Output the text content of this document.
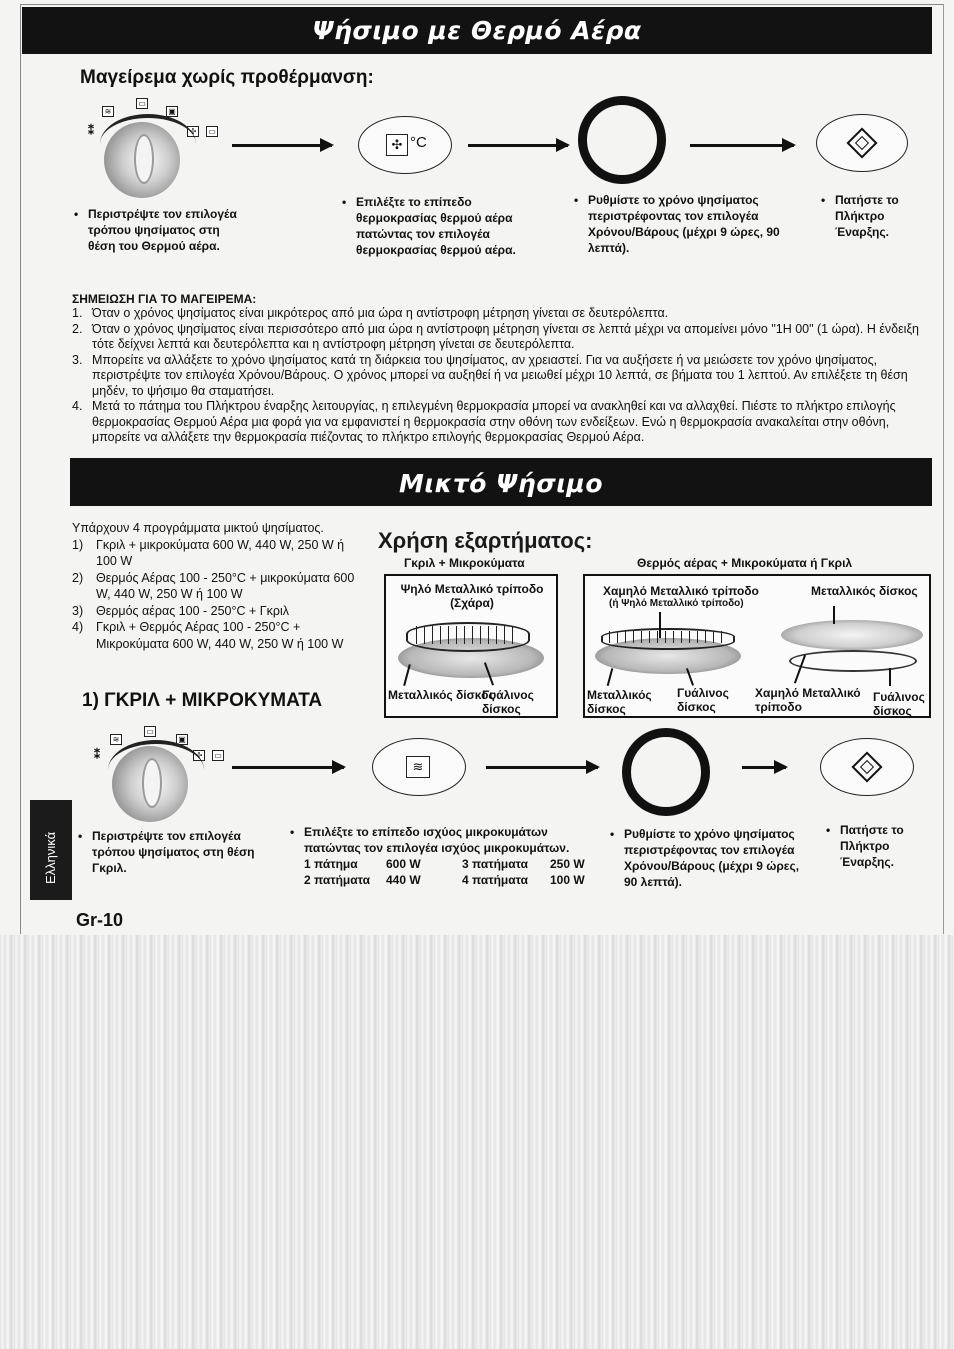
Ψήσιμο με Θερμό Αέρα
Μαγείρεμα χωρίς προθέρμανση:
≋
▭
▣
✣	▭
⁑
✣ °C
• Περιστρέψτε τον επιλογέα τρόπου ψησίματος στη θέση του Θερμού αέρα.
• Επιλέξτε το επίπεδο θερμοκρασίας θερμού αέρα πατώντας τον επιλογέα θερμοκρασίας θερμού αέρα.
• Ρυθμίστε το χρόνο ψησίματος περιστρέφοντας τον επιλογέα Χρόνου/Βάρους (μέχρι 9 ώρες, 90 λεπτά).
• Πατήστε το Πλήκτρο Έναρξης.
ΣΗΜΕΙΩΣΗ ΓΙΑ ΤΟ ΜΑΓΕΙΡΕΜΑ:
1. Όταν ο χρόνος ψησίματος είναι μικρότερος από μια ώρα η αντίστροφη μέτρηση γίνεται σε δευτερόλεπτα.
2. Όταν ο χρόνος ψησίματος είναι περισσότερο από μια ώρα η αντίστροφη μέτρηση γίνεται σε λεπτά μέχρι να απομείνει μόνο "1H 00" (1 ώρα). Η ένδειξη τότε δείχνει λεπτά και δευτερόλεπτα και η αντίστροφη μέτρηση γίνεται σε δευτερόλεπτα.
3. Μπορείτε να αλλάξετε το χρόνο ψησίματος κατά τη διάρκεια του ψησίματος, αν χρειαστεί. Για να αυξήσετε ή να μειώσετε τον χρόνο ψησίματος, περιστρέψτε τον επιλογέα Χρόνου/Βάρους. Ο χρόνος μπορεί να αυξηθεί ή να μειωθεί μέχρι 10 λεπτά, σε βήματα του 1 λεπτού. Αν επιλέξετε τη θέση μηδέν, το ψήσιμο θα σταματήσει.
4. Μετά το πάτημα του Πλήκτρου έναρξης λειτουργίας, η επιλεγμένη θερμοκρασία μπορεί να ανακληθεί και να αλλαχθεί. Πιέστε το πλήκτρο επιλογής θερμοκρασίας Θερμού Αέρα μια φορά για να εμφανιστεί η θερμοκρασία στην οθόνη των ενδείξεων. Ενώ η θερμοκρασία ανακαλείται στην οθόνη, μπορείτε να αλλάξετε την θερμοκρασία πιέζοντας το πλήκτρο επιλογής θερμοκρασίας Θερμού Αέρα.
Μικτό Ψήσιμο
Υπάρχουν 4 προγράμματα μικτού ψησίματος.
1) Γκριλ + μικροκύματα 600 W, 440 W, 250 W ή 100 W
2) Θερμός Αέρας 100 - 250°C + μικροκύματα 600 W, 440 W, 250 W ή 100 W
3) Θερμός αέρας 100 - 250°C + Γκριλ
4) Γκριλ + Θερμός Αέρας 100 - 250°C + Μικροκύματα 600 W, 440 W, 250 W ή 100 W
Χρήση εξαρτήματος:
Γκριλ + Μικροκύματα	Θερμός αέρας + Μικροκύματα ή Γκριλ
Ψηλό Μεταλλικό τρίποδο
(Σχάρα)
Μεταλλικός δίσκος
Γυάλινος δίσκος
Χαμηλό Μεταλλικό τρίποδο
(ή Ψηλό Μεταλλικό τρίποδο)
Μεταλλικός δίσκος
Μεταλλικός δίσκος
Γυάλινος δίσκος
Χαμηλό Μεταλλικό τρίποδο
Γυάλινος δίσκος
1) ΓΚΡΙΛ + ΜΙΚΡΟΚΥΜΑΤΑ
≋
▭
▣
✣	▭
⁑
≋
• Περιστρέψτε τον επιλογέα τρόπου ψησίματος στη θέση Γκριλ.
• Επιλέξτε το επίπεδο ισχύος μικροκυμάτων πατώντας τον επιλογέα ισχύος μικροκυμάτων.
1 πάτημα	600 W	3 πατήματα	250 W
2 πατήματα	440 W	4 πατήματα	100 W
• Ρυθμίστε το χρόνο ψησίματος περιστρέφοντας τον επιλογέα Χρόνου/Βάρους (μέχρι 9 ώρες, 90 λεπτά).
• Πατήστε το Πλήκτρο Έναρξης.
Ελληνικά
Gr-10
